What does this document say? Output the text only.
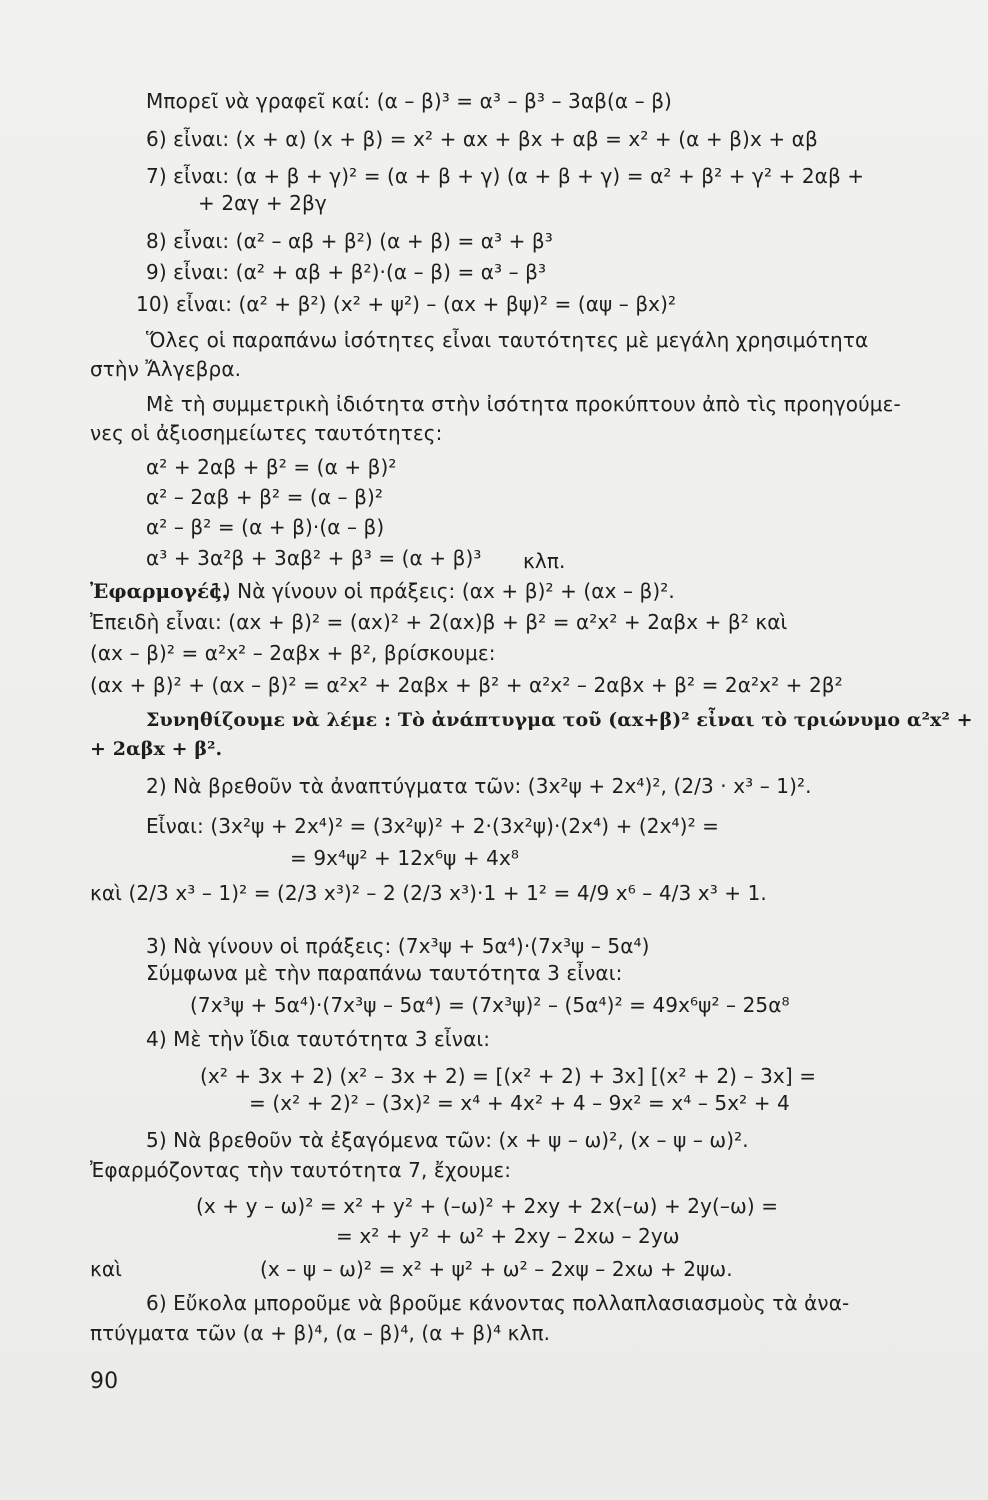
Μπορεῖ νὰ γραφεῖ καί: (α – β)³ = α³ – β³ – 3αβ(α – β)
6) εἶναι: (x + α) (x + β) = x² + αx + βx + αβ = x² + (α + β)x + αβ
7) εἶναι: (α + β + γ)² = (α + β + γ) (α + β + γ) = α² + β² + γ² + 2αβ +
+ 2αγ + 2βγ
8) εἶναι: (α² – αβ + β²) (α + β) = α³ + β³
9) εἶναι: (α² + αβ + β²)·(α – β) = α³ – β³
10) εἶναι: (α² + β²) (x² + ψ²) – (αx + βψ)² = (αψ – βx)²
Ὅλες οἱ παραπάνω ἰσότητες εἶναι ταυτότητες μὲ μεγάλη χρησιμότητα
στὴν Ἄλγεβρα.
Μὲ τὴ συμμετρικὴ ἰδιότητα στὴν ἰσότητα προκύπτουν ἀπὸ τὶς προηγούμε-
νες οἱ ἀξιοσημείωτες ταυτότητες:
α² + 2αβ + β² = (α + β)²
α² – 2αβ + β² = (α – β)²
α² – β² = (α + β)·(α – β)
α³ + 3α²β + 3αβ² + β³ = (α + β)³ κλπ.
Ἐφαρμογές.
1) Νὰ γίνουν οἱ πράξεις: (αx + β)² + (αx – β)².
Ἐπειδὴ εἶναι: (αx + β)² = (αx)² + 2(αx)β + β² = α²x² + 2αβx + β² καὶ
(αx – β)² = α²x² – 2αβx + β², βρίσκουμε:
(αx + β)² + (αx – β)² = α²x² + 2αβx + β² + α²x² – 2αβx + β² = 2α²x² + 2β²
Συνηθίζουμε νὰ λέμε : Τὸ ἀνάπτυγμα τοῦ (αx+β)² εἶναι τὸ τριώνυμο α²x² +
+ 2αβx + β².
2) Νὰ βρεθοῦν τὰ ἀναπτύγματα τῶν: (3x²ψ + 2x⁴)², (2/3 · x³ – 1)².
Εἶναι: (3x²ψ + 2x⁴)² = (3x²ψ)² + 2·(3x²ψ)·(2x⁴) + (2x⁴)² =
= 9x⁴ψ² + 12x⁶ψ + 4x⁸
καὶ (2/3 x³ – 1)² = (2/3 x³)² – 2 (2/3 x³)·1 + 1² = 4/9 x⁶ – 4/3 x³ + 1.
3) Νὰ γίνουν οἱ πράξεις: (7x³ψ + 5α⁴)·(7x³ψ – 5α⁴)
Σύμφωνα μὲ τὴν παραπάνω ταυτότητα 3 εἶναι:
(7x³ψ + 5α⁴)·(7x³ψ – 5α⁴) = (7x³ψ)² – (5α⁴)² = 49x⁶ψ² – 25α⁸
4) Μὲ τὴν ἴδια ταυτότητα 3 εἶναι:
(x² + 3x + 2) (x² – 3x + 2) = [(x² + 2) + 3x] [(x² + 2) – 3x] =
= (x² + 2)² – (3x)² = x⁴ + 4x² + 4 – 9x² = x⁴ – 5x² + 4
5) Νὰ βρεθοῦν τὰ ἐξαγόμενα τῶν: (x + ψ – ω)², (x – ψ – ω)².
Ἐφαρμόζοντας τὴν ταυτότητα 7, ἔχουμε:
(x + y – ω)² = x² + y² + (–ω)² + 2xy + 2x(–ω) + 2y(–ω) =
= x² + y² + ω² + 2xy – 2xω – 2yω
καὶ	(x – ψ – ω)² = x² + ψ² + ω² – 2xψ – 2xω + 2ψω.
6) Εὔκολα μποροῦμε νὰ βροῦμε κάνοντας πολλαπλασιασμοὺς τὰ ἀνα-
πτύγματα τῶν (α + β)⁴, (α – β)⁴, (α + β)⁴ κλπ.
90
